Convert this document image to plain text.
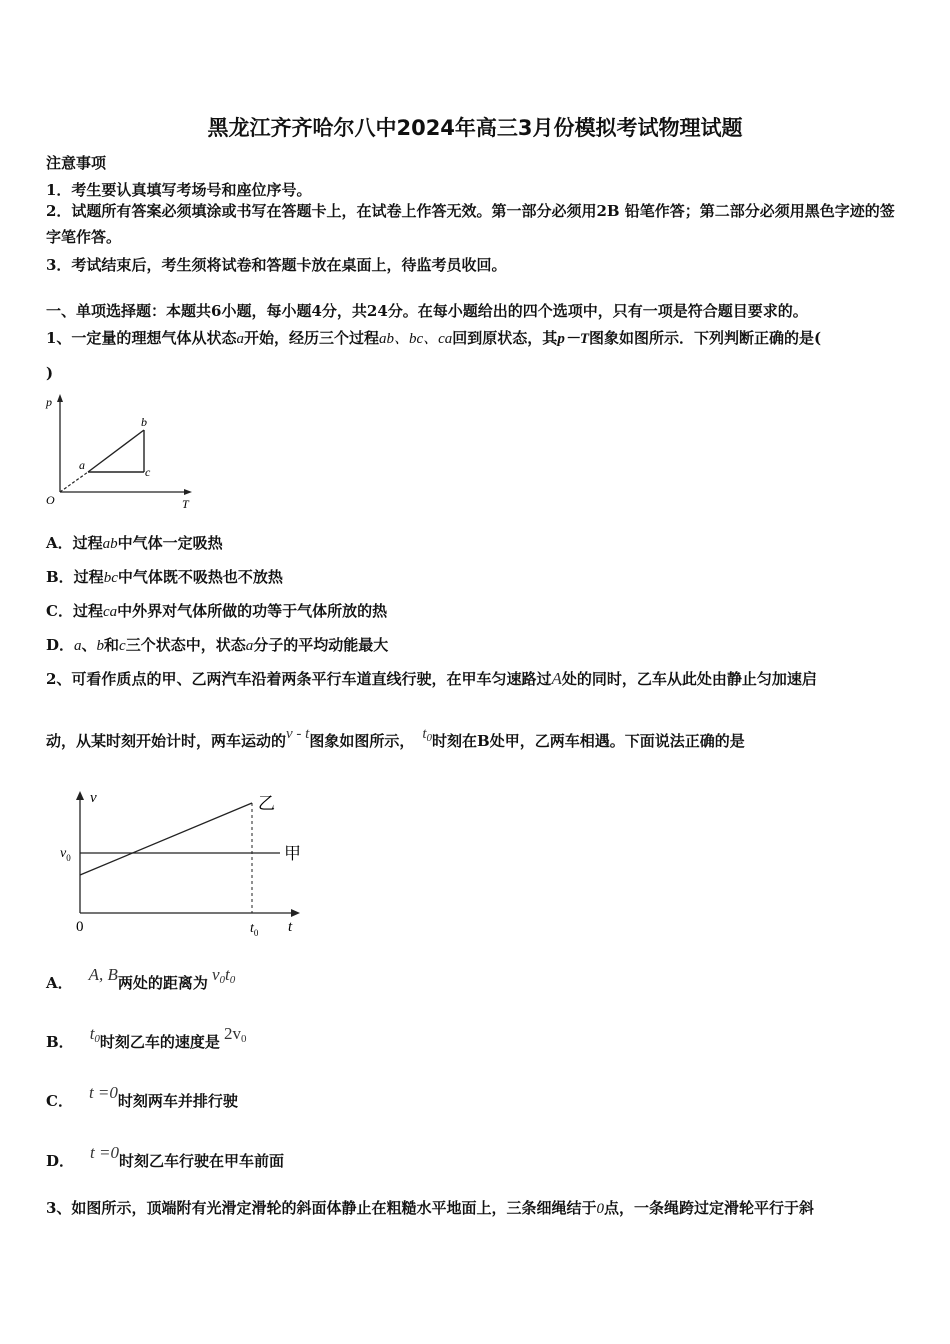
黑龙江齐齐哈尔八中2024年高三3月份模拟考试物理试题
注意事项
1．考生要认真填写考场号和座位序号。
2．试题所有答案必须填涂或书写在答题卡上，在试卷上作答无效。第一部分必须用2B 铅笔作答；第二部分必须用黑色字迹的签字笔作答。
3．考试结束后，考生须将试卷和答题卡放在桌面上，待监考员收回。
一、单项选择题：本题共6小题，每小题4分，共24分。在每小题给出的四个选项中，只有一项是符合题目要求的。
1、一定量的理想气体从状态a开始，经历三个过程ab、bc、ca回到原状态，其p－T图象如图所示．下列判断正确的是(
)
p
O	T
a
b
c
A．过程ab中气体一定吸热
B．过程bc中气体既不吸热也不放热
C．过程ca中外界对气体所做的功等于气体所放的热
D．a、b和c三个状态中，状态a分子的平均动能最大
2、可看作质点的甲、乙两汽车沿着两条平行车道直线行驶，在甲车匀速路过A处的同时，乙车从此处由静止匀加速启
动，从某时刻开始计时，两车运动的v - t图象如图所示， $t_0$时刻在B处甲，乙两车相遇。下面说法正确的是
v
$v_0$
0	$t_0$ t
乙
甲
A． A, B两处的距离为 $v_0t_0$
B． $t_0$时刻乙车的速度是 $2v_0$
C． t =0时刻两车并排行驶
D． t =0时刻乙车行驶在甲车前面
3、如图所示，顶端附有光滑定滑轮的斜面体静止在粗糙水平地面上，三条细绳结于0点，一条绳跨过定滑轮平行于斜
